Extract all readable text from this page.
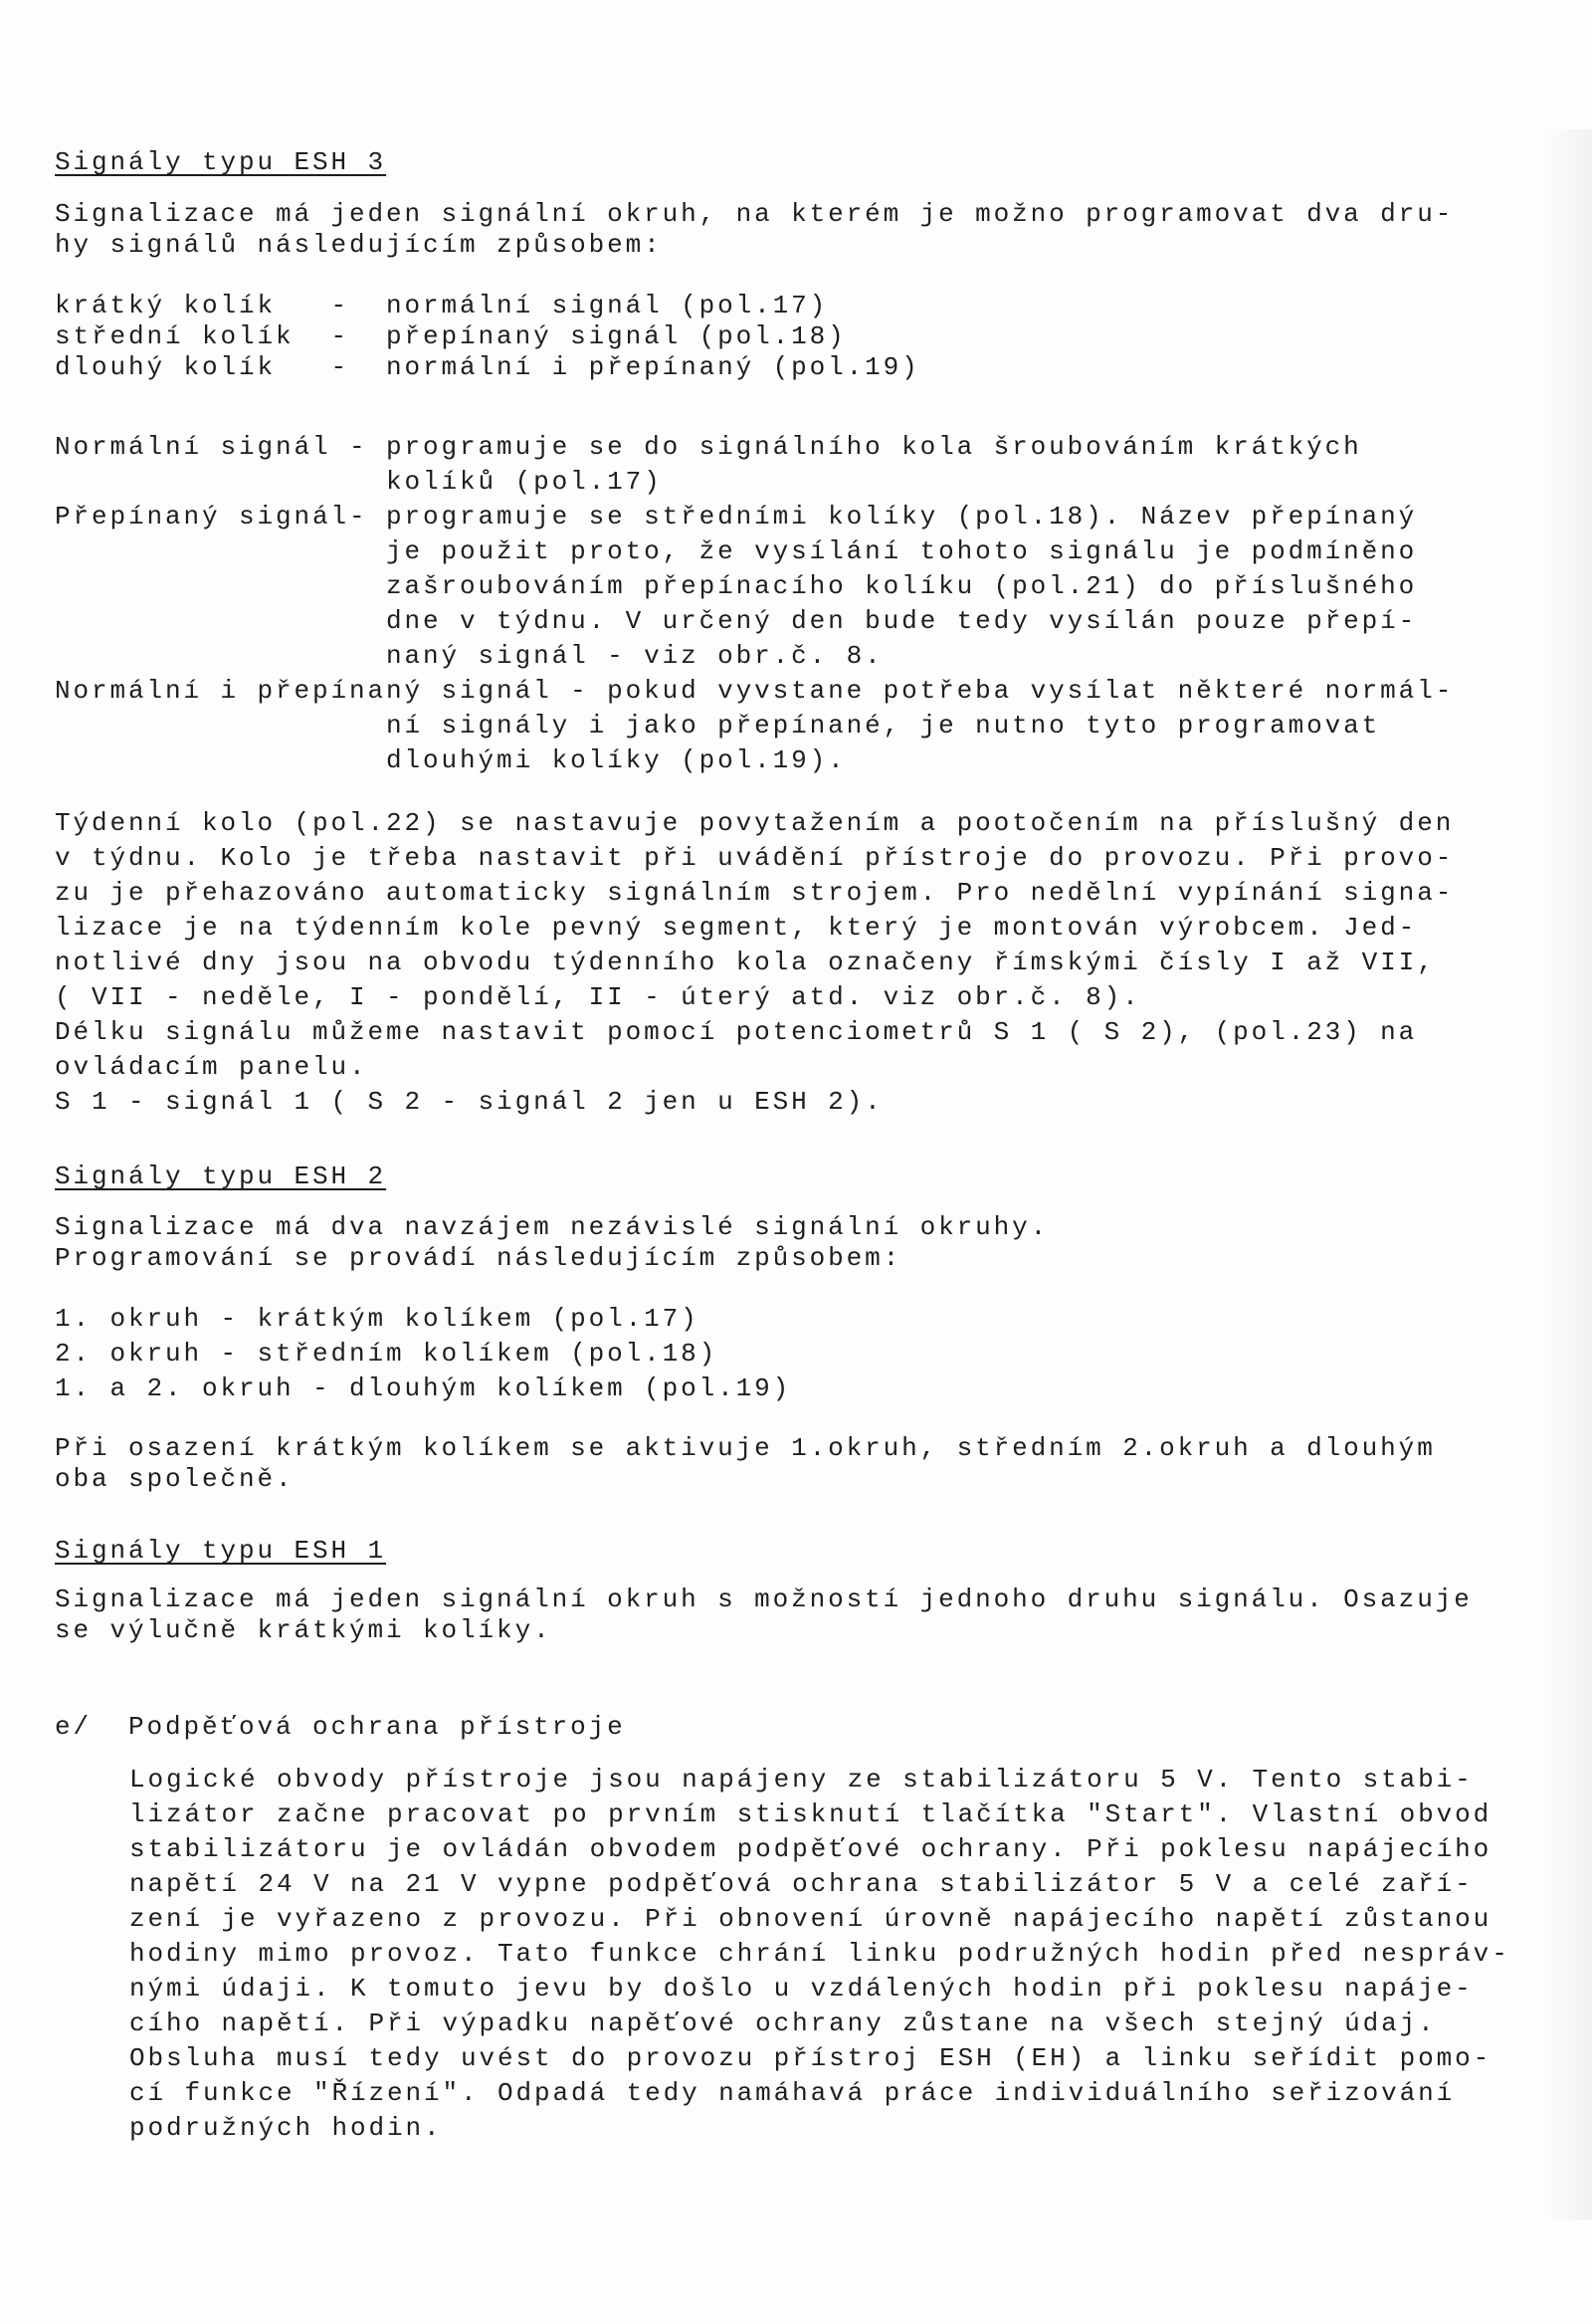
Signály typu ESH 3
Signalizace má jeden signální okruh, na kterém je možno programovat dva dru-
hy signálů následujícím způsobem:
krátký kolík   -  normální signál (pol.17)
střední kolík  -  přepínaný signál (pol.18)
dlouhý kolík   -  normální i přepínaný (pol.19)
Normální signál - programuje se do signálního kola šroubováním krátkých
kolíků (pol.17)
Přepínaný signál- programuje se středními kolíky (pol.18). Název přepínaný
je použit proto, že vysílání tohoto signálu je podmíněno
zašroubováním přepínacího kolíku (pol.21) do příslušného
dne v týdnu. V určený den bude tedy vysílán pouze přepí-
naný signál - viz obr.č. 8.
Normální i přepínaný signál - pokud vyvstane potřeba vysílat některé normál-
ní signály i jako přepínané, je nutno tyto programovat
dlouhými kolíky (pol.19).
Týdenní kolo (pol.22) se nastavuje povytažením a pootočením na příslušný den
v týdnu. Kolo je třeba nastavit při uvádění přístroje do provozu. Při provo-
zu je přehazováno automaticky signálním strojem. Pro nedělní vypínání signa-
lizace je na týdenním kole pevný segment, který je montován výrobcem. Jed-
notlivé dny jsou na obvodu týdenního kola označeny římskými čísly I až VII,
( VII - neděle, I - pondělí, II - úterý atd. viz obr.č. 8).
Délku signálu můžeme nastavit pomocí potenciometrů S 1 ( S 2), (pol.23) na
ovládacím panelu.
S 1 - signál 1 ( S 2 - signál 2 jen u ESH 2).
Signály typu ESH 2
Signalizace má dva navzájem nezávislé signální okruhy.
Programování se provádí následujícím způsobem:
1. okruh - krátkým kolíkem (pol.17)
2. okruh - středním kolíkem (pol.18)
1. a 2. okruh - dlouhým kolíkem (pol.19)
Při osazení krátkým kolíkem se aktivuje 1.okruh, středním 2.okruh a dlouhým
oba společně.
Signály typu ESH 1
Signalizace má jeden signální okruh s možností jednoho druhu signálu. Osazuje
se výlučně krátkými kolíky.
e/  Podpěťová ochrana přístroje
Logické obvody přístroje jsou napájeny ze stabilizátoru 5 V. Tento stabi-
lizátor začne pracovat po prvním stisknutí tlačítka "Start". Vlastní obvod
stabilizátoru je ovládán obvodem podpěťové ochrany. Při poklesu napájecího
napětí 24 V na 21 V vypne podpěťová ochrana stabilizátor 5 V a celé zaří-
zení je vyřazeno z provozu. Při obnovení úrovně napájecího napětí zůstanou
hodiny mimo provoz. Tato funkce chrání linku podružných hodin před nespráv-
nými údaji. K tomuto jevu by došlo u vzdálených hodin při poklesu napáje-
cího napětí. Při výpadku napěťové ochrany zůstane na všech stejný údaj.
Obsluha musí tedy uvést do provozu přístroj ESH (EH) a linku seřídit pomo-
cí funkce "Řízení". Odpadá tedy namáhavá práce individuálního seřizování
podružných hodin.
